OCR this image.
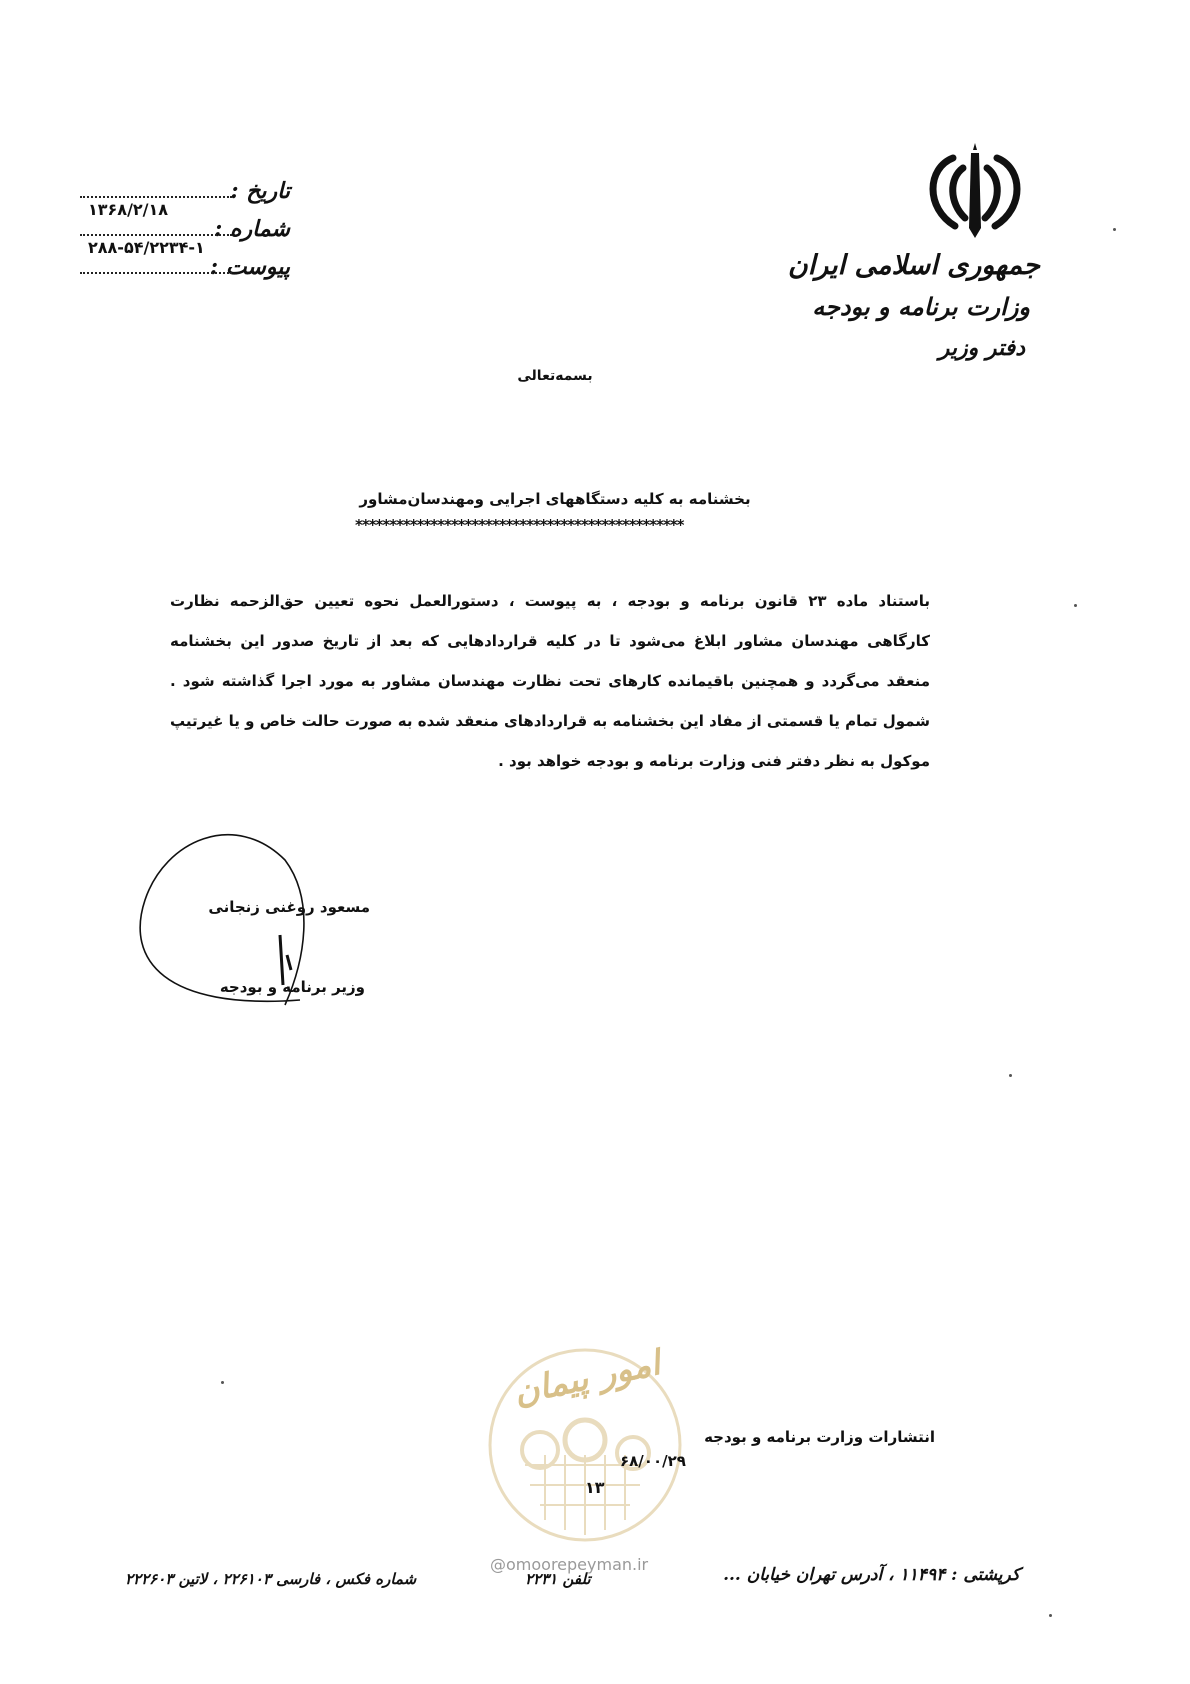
جمهوری اسلامی ایران
وزارت برنامه و بودجه
دفتر وزیر
تاریخ :
۱۳۶۸/۲/۱۸
شماره :
۲۸۸-۵۴/۲۲۳۴-۱
پیوست :
بسمه‌تعالی
بخشنامه به کلیه دستگاههای اجرایی ومهندسان‌مشاور
************************************************
باستناد ماده ۲۳ قانون برنامه و بودجه ، به پیوست ، دستورالعمل نحوه تعیین حق‌الزحمه نظارت
کارگاهی مهندسان مشاور ابلاغ می‌شود تا در کلیه قراردادهایی که بعد از تاریخ صدور این بخشنامه
منعقد می‌گردد و همچنین باقیمانده کارهای تحت نظارت مهندسان مشاور به مورد اجرا گذاشته شود .
شمول تمام یا قسمتی از مفاد این بخشنامه به قراردادهای منعقد شده به صورت حالت خاص و یا غیرتیپ
موکول به نظر دفتر فنی وزارت برنامه و بودجه خواهد بود .
مسعود روغنی زنجانی
وزیر برنامه و بودجه
امور پیمان
انتشارات وزارت برنامه و بودجه
۶۸/۰۰/۲۹
۱۳
@omoorepeyman.ir
کرپشتی : ۱۱۴۹۴ ، آدرس تهران خیابان ...
تلفن ۲۲۳۱
شماره فکس ، فارسی ۲۲۶۱۰۳ ، لاتین ۲۲۲۶۰۳
